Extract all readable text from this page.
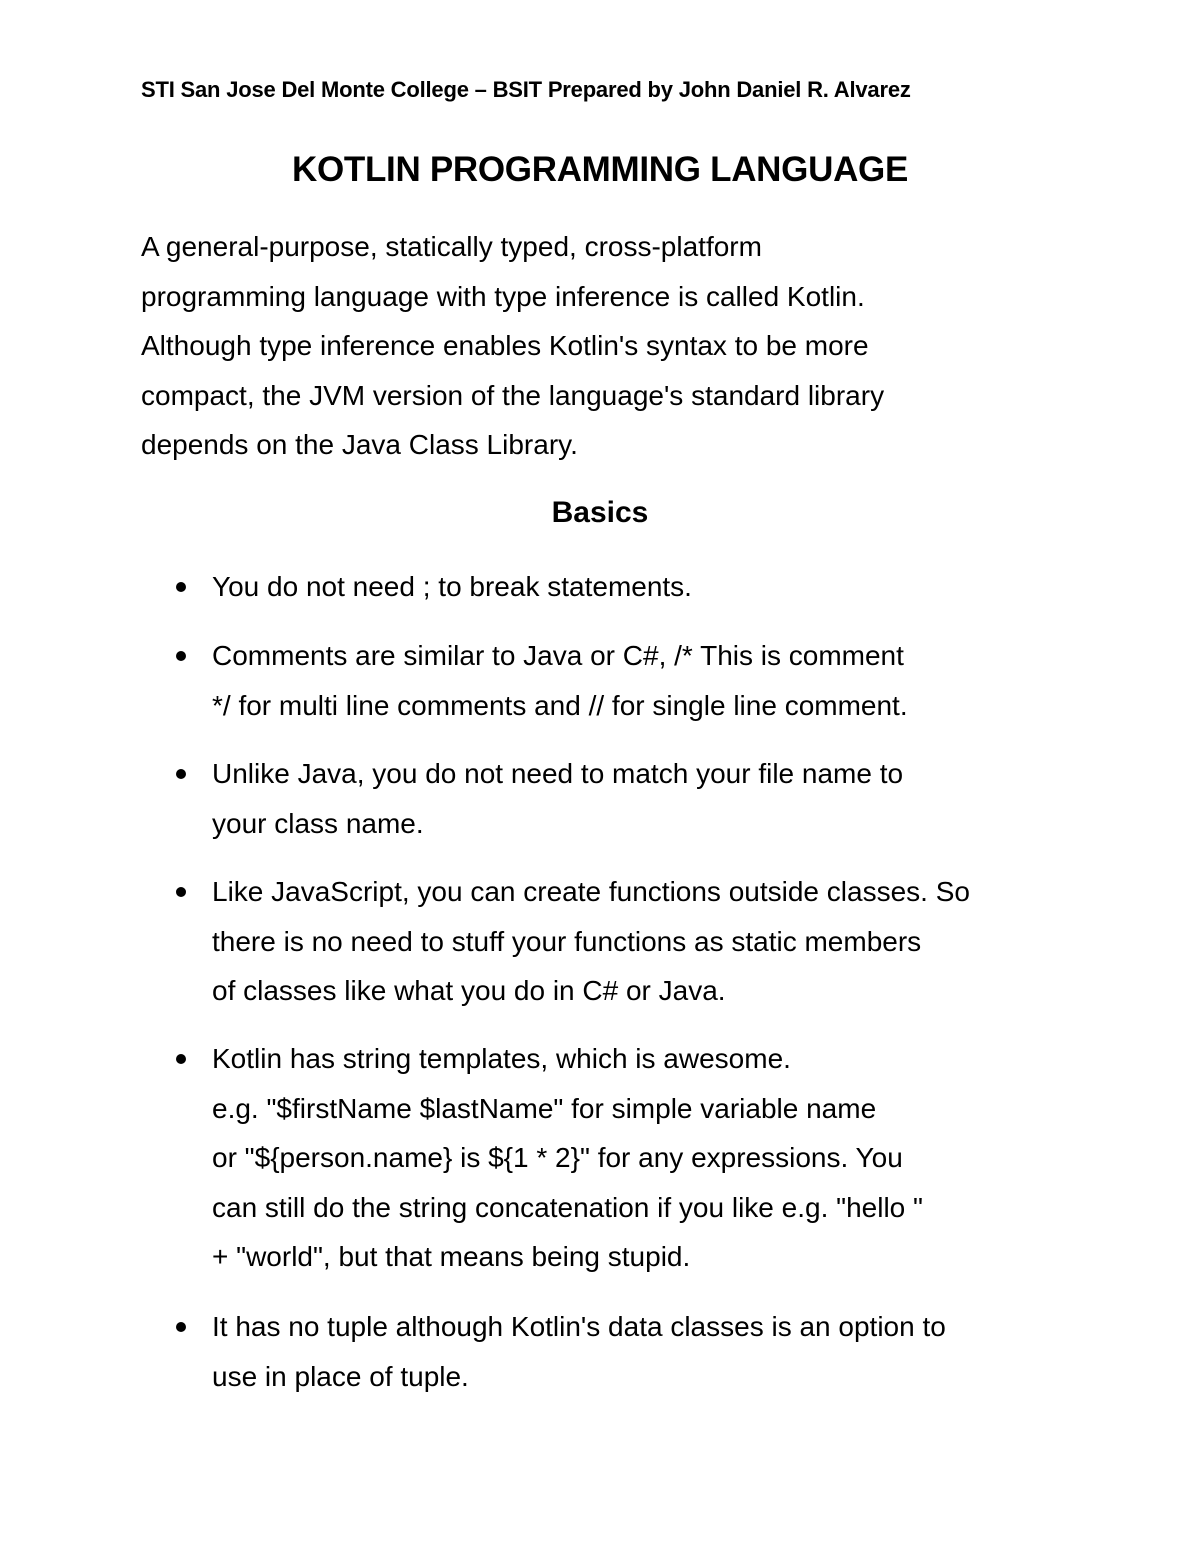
STI San Jose Del Monte College – BSIT Prepared by John Daniel R. Alvarez
KOTLIN PROGRAMMING LANGUAGE
A general-purpose, statically typed, cross-platform
programming language with type inference is called Kotlin.
Although type inference enables Kotlin's syntax to be more
compact, the JVM version of the language's standard library
depends on the Java Class Library.
Basics
You do not need ; to break statements.
Comments are similar to Java or C#, /* This is comment
*/ for multi line comments and // for single line comment.
Unlike Java, you do not need to match your file name to
your class name.
Like JavaScript, you can create functions outside classes. So
there is no need to stuff your functions as static members
of classes like what you do in C# or Java.
Kotlin has string templates, which is awesome.
e.g. "$firstName $lastName" for simple variable name
or "${person.name} is ${1 * 2}" for any expressions. You
can still do the string concatenation if you like e.g. "hello "
+ "world", but that means being stupid.
It has no tuple although Kotlin's data classes is an option to
use in place of tuple.
